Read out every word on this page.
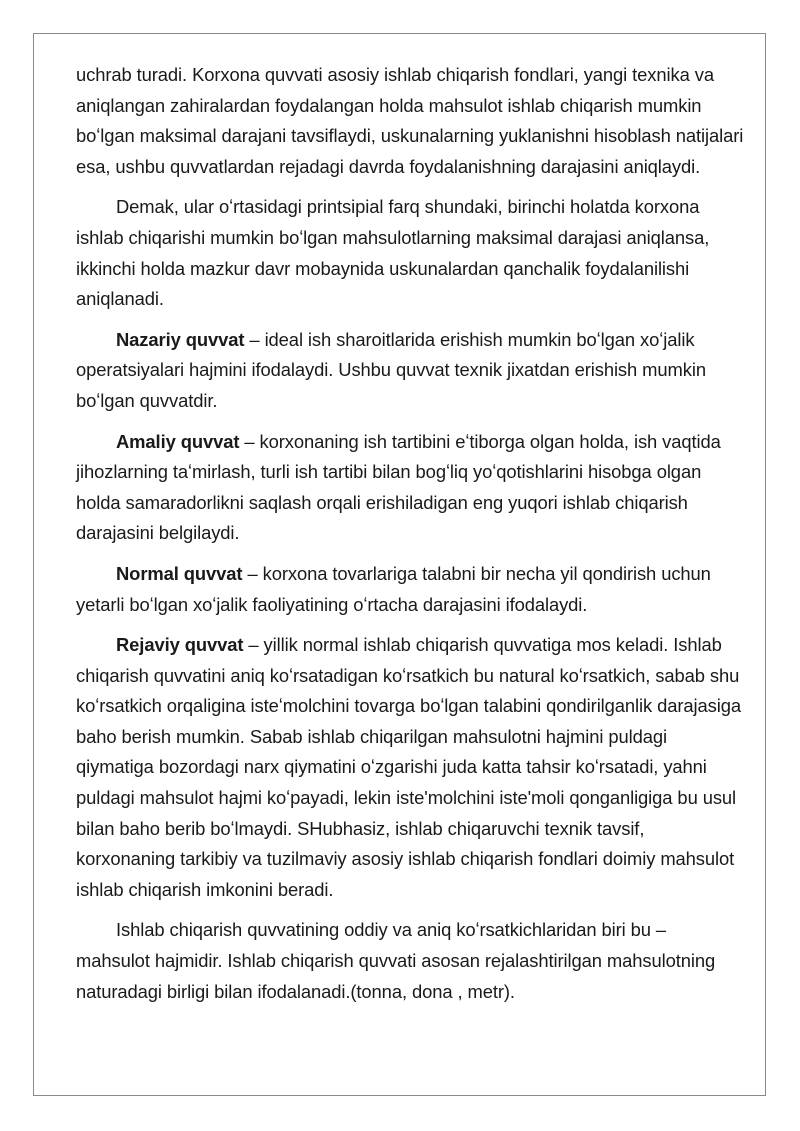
uchrab turadi. Korxona quvvati asosiy ishlab chiqarish fondlari, yangi texnika va aniqlangan zahiralardan foydalangan holda mahsulot ishlab chiqarish mumkin boʻlgan maksimal darajani tavsiflaydi, uskunalarning yuklanishni hisoblash natijalari esa, ushbu quvvatlardan rejadagi davrda foydalanishning darajasini aniqlaydi.

Demak, ular oʻrtasidagi printsipial farq shundaki, birinchi holatda korxona ishlab chiqarishi mumkin boʻlgan mahsulotlarning maksimal darajasi aniqlansa, ikkinchi holda mazkur davr mobaynida uskunalardan qanchalik foydalanilishi aniqlanadi.

Nazariy quvvat – ideal ish sharoitlarida erishish mumkin boʻlgan xoʻjalik operatsiyalari hajmini ifodalaydi. Ushbu quvvat texnik jixatdan erishish mumkin boʻlgan quvvatdir.

Amaliy quvvat – korxonaning ish tartibini eʻtiborga olgan holda, ish vaqtida jihozlarning taʻmirlash, turli ish tartibi bilan bogʻliq yoʻqotishlarini hisobga olgan holda samaradorlikni saqlash orqali erishiladigan eng yuqori ishlab chiqarish darajasini belgilaydi.

Normal quvvat – korxona tovarlariga talabni bir necha yil qondirish uchun yetarli boʻlgan xoʻjalik faoliyatining oʻrtacha darajasini ifodalaydi.

Rejaviy quvvat – yillik normal ishlab chiqarish quvvatiga mos keladi. Ishlab chiqarish quvvatini aniq koʻrsatadigan koʻrsatkich bu natural koʻrsatkich, sabab shu koʻrsatkich orqaligina isteʻmolchini tovarga boʻlgan talabini qondirilganlik darajasiga baho berish mumkin. Sabab ishlab chiqarilgan mahsulotni hajmini puldagi qiymatiga bozordagi narx qiymatini oʻzgarishi juda katta tahsir koʻrsatadi, yahni puldagi mahsulot hajmi koʻpayadi, lekin iste'molchini iste'moli qonganligiga bu usul bilan baho berib boʻlmaydi. SHubhasiz, ishlab chiqaruvchi texnik tavsif, korxonaning tarkibiy va tuzilmaviy asosiy ishlab chiqarish fondlari doimiy mahsulot ishlab chiqarish imkonini beradi.

Ishlab chiqarish quvvatining oddiy va aniq koʻrsatkichlaridan biri bu – mahsulot hajmidir. Ishlab chiqarish quvvati asosan rejalashtirilgan mahsulotning naturadagi birligi bilan ifodalanadi.(tonna, dona , metr).
